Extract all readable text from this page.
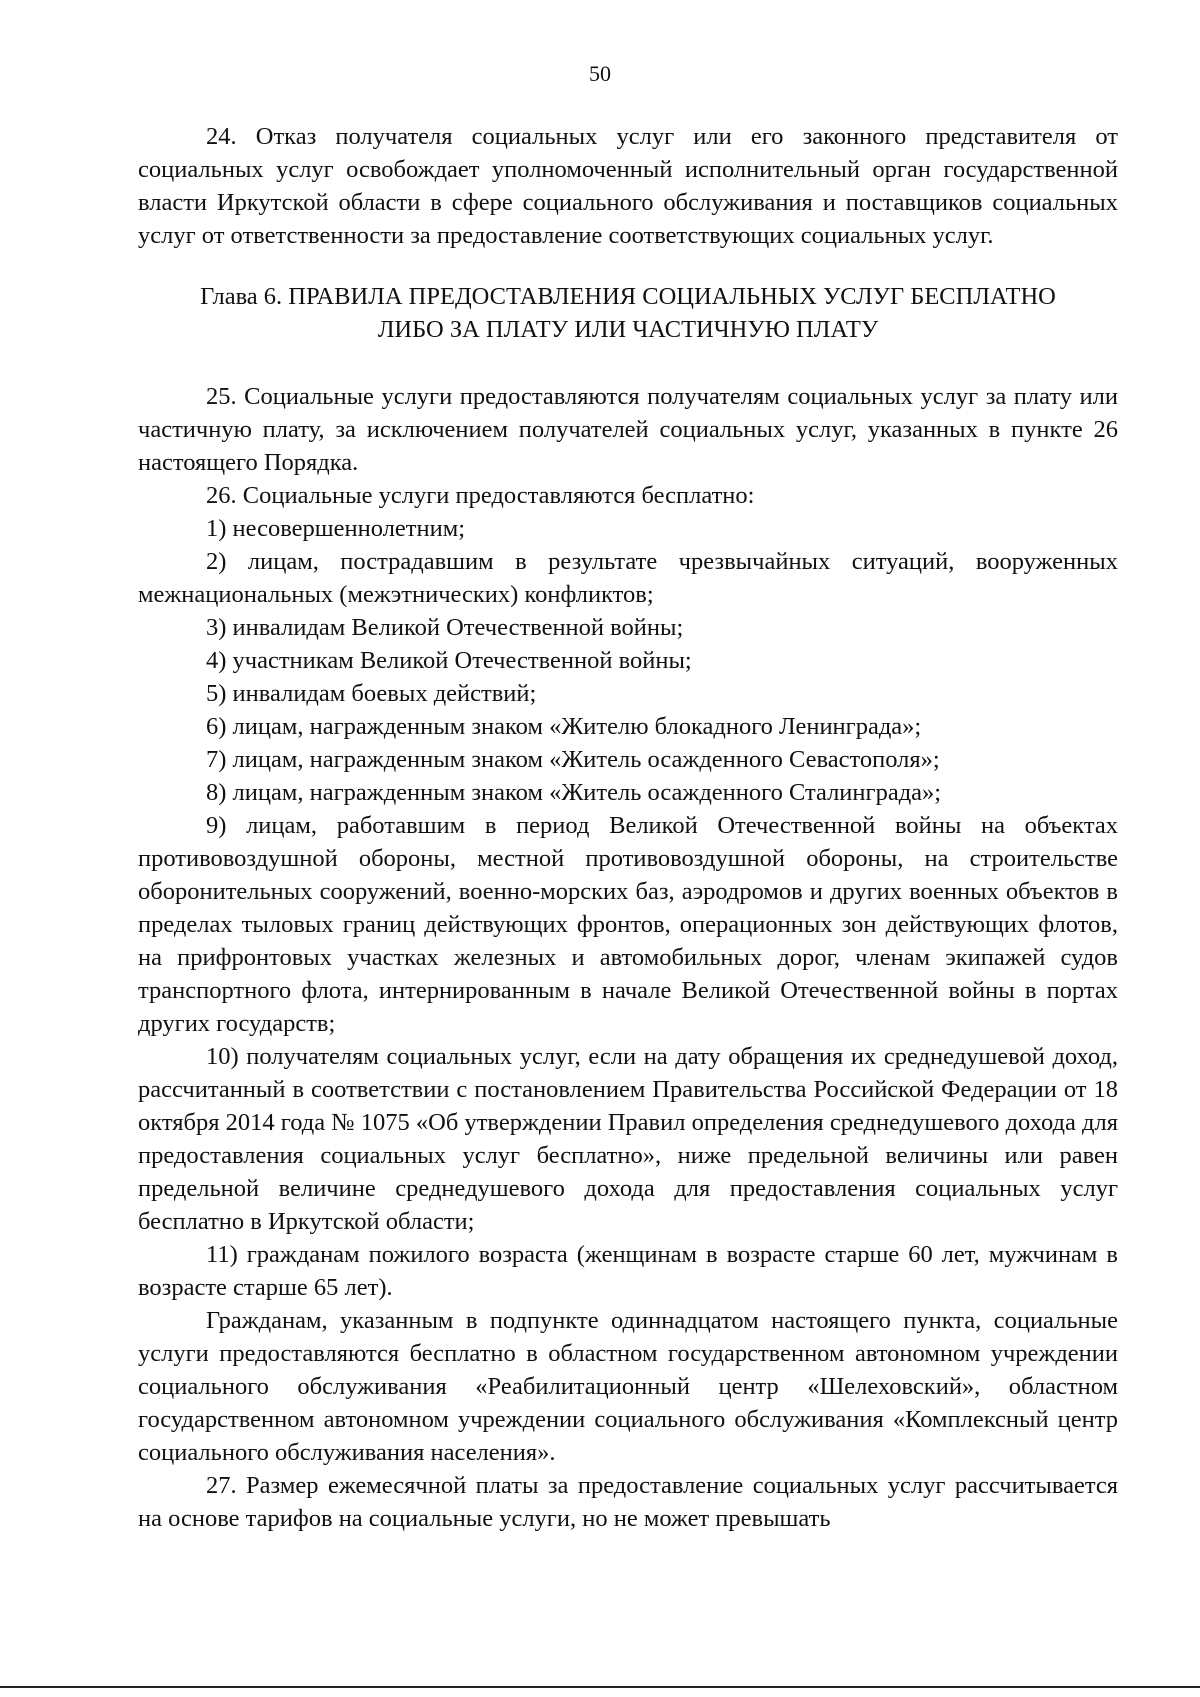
50

24. Отказ получателя социальных услуг или его законного представителя от социальных услуг освобождает уполномоченный исполнительный орган государственной власти Иркутской области в сфере социального обслуживания и поставщиков социальных услуг от ответственности за предоставление соответствующих социальных услуг.

Глава 6. ПРАВИЛА ПРЕДОСТАВЛЕНИЯ СОЦИАЛЬНЫХ УСЛУГ БЕСПЛАТНО
ЛИБО ЗА ПЛАТУ ИЛИ ЧАСТИЧНУЮ ПЛАТУ

25. Социальные услуги предоставляются получателям социальных услуг за плату или частичную плату, за исключением получателей социальных услуг, указанных в пункте 26 настоящего Порядка.

26. Социальные услуги предоставляются бесплатно:

1) несовершеннолетним;

2) лицам, пострадавшим в результате чрезвычайных ситуаций, вооруженных межнациональных (межэтнических) конфликтов;

3) инвалидам Великой Отечественной войны;

4) участникам Великой Отечественной войны;

5) инвалидам боевых действий;

6) лицам, награжденным знаком «Жителю блокадного Ленинграда»;

7) лицам, награжденным знаком «Житель осажденного Севастополя»;

8) лицам, награжденным знаком «Житель осажденного Сталинграда»;

9) лицам, работавшим в период Великой Отечественной войны на объектах противовоздушной обороны, местной противовоздушной обороны, на строительстве оборонительных сооружений, военно-морских баз, аэродромов и других военных объектов в пределах тыловых границ действующих фронтов, операционных зон действующих флотов, на прифронтовых участках железных и автомобильных дорог, членам экипажей судов транспортного флота, интернированным в начале Великой Отечественной войны в портах других государств;

10) получателям социальных услуг, если на дату обращения их среднедушевой доход, рассчитанный в соответствии с постановлением Правительства Российской Федерации от 18 октября 2014 года № 1075 «Об утверждении Правил определения среднедушевого дохода для предоставления социальных услуг бесплатно», ниже предельной величины или равен предельной величине среднедушевого дохода для предоставления социальных услуг бесплатно в Иркутской области;

11) гражданам пожилого возраста (женщинам в возрасте старше 60 лет, мужчинам в возрасте старше 65 лет).

Гражданам, указанным в подпункте одиннадцатом настоящего пункта, социальные услуги предоставляются бесплатно в областном государственном автономном учреждении социального обслуживания «Реабилитационный центр «Шелеховский», областном государственном автономном учреждении социального обслуживания «Комплексный центр социального обслуживания населения».

27. Размер ежемесячной платы за предоставление социальных услуг рассчитывается на основе тарифов на социальные услуги, но не может превышать
